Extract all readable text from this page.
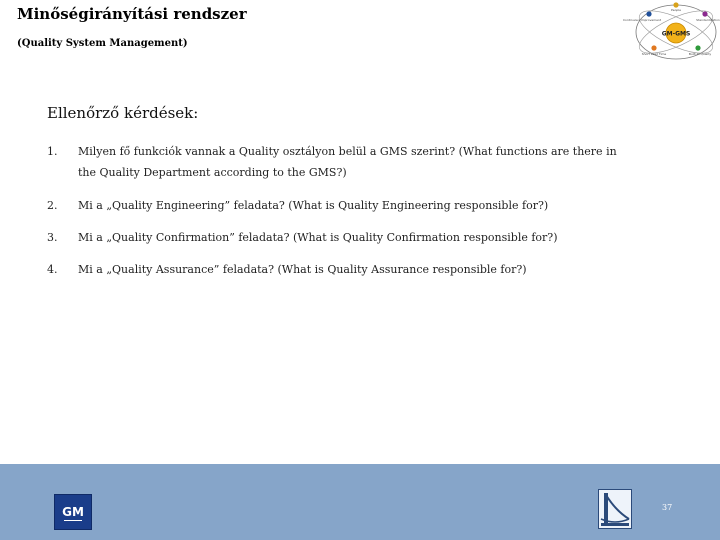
Minőségirányítási rendszer
(Quality System Management)
GM-GMS
People
Short Lead Time	Built-In Quality
Continuous Improvement	Standardization
Ellenőrző kérdések:
1. Milyen fő funkciók vannak a Quality osztályon belül a GMS szerint? (What functions are there in the Quality Department according to the GMS?)
2. Mi a „Quality Engineering” feladata? (What is Quality Engineering responsible for?)
3. Mi a „Quality Confirmation” feladata? (What is Quality Confirmation responsible for?)
4. Mi a „Quality Assurance” feladata? (What is Quality Assurance responsible for?)
GM	37
